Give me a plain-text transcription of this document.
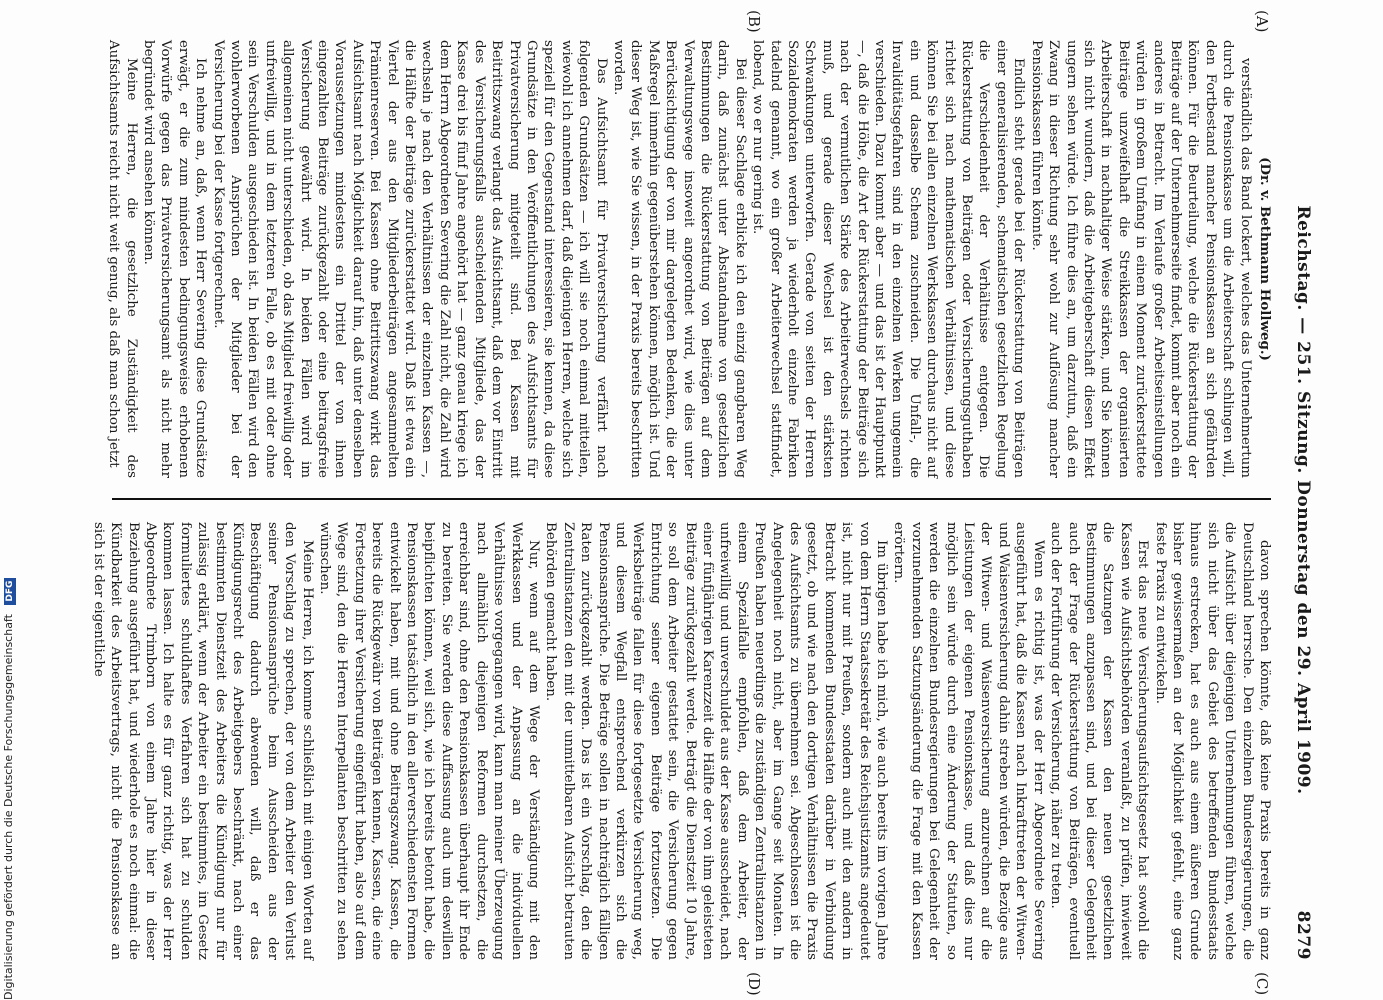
Reichstag. — 251. Sitzung. Donnerstag den 29. April 1909.
8279
(A)
(B)
(C)
(D)

(Dr. v. Bethmann Hollweg.)

verständlich das Band lockert, welches das Unternehmertum durch die Pensionskasse um die Arbeiterschaft schlingen will, den Fortbestand mancher Pensionskassen an sich gefährden können. Für die Beurteilung, welche die Rückerstattung der Beiträge auf der Unternehmerseite findet, kommt aber noch ein anderes in Betracht. Im Verlaufe großer Arbeitseinstellungen würden in großem Umfang in einem Moment zurückerstattete Beiträge unzweifelhaft die Streikkassen der organisierten Arbeiterschaft in nachhaltiger Weise stärken, und Sie können sich nicht wundern, daß die Arbeitgeberschaft diesen Effekt ungern sehen würde. Ich führe dies an, um darzutun, daß ein Zwang in dieser Richtung sehr wohl zur Auflösung mancher Pensionskassen führen könnte.

Endlich steht gerade bei der Rückerstattung von Beiträgen einer generalisierenden, schematischen gesetzlichen Regelung die Verschiedenheit der Verhältnisse entgegen. Die Rückerstattung von Beiträgen oder Versicherungsguthaben richtet sich nach mathematischen Verhältnissen, und diese können Sie bei allen einzelnen Werkskassen durchaus nicht auf ein und dasselbe Schema zuschneiden. Die Unfall-, die Invaliditätsgefahren sind in den einzelnen Werken ungemein verschieden. Dazu kommt aber — und das ist der Hauptpunkt —, daß die Höhe, die Art der Rückerstattung der Beiträge sich nach der vermutlichen Stärke des Arbeiterwechsels richten muß, und gerade dieser Wechsel ist den stärksten Schwankungen unterworfen. Gerade von seiten der Herren Sozialdemokraten werden ja wiederholt einzelne Fabriken tadelnd genannt, wo ein großer Arbeiterwechsel stattfindet, lobend, wo er nur gering ist.

Bei dieser Sachlage erblicke ich den einzig gangbaren Weg darin, daß zunächst unter Abstandnahme von gesetzlichen Bestimmungen die Rückerstattung von Beiträgen auf dem Verwaltungswege insoweit angeordnet wird, wie dies unter Berücksichtigung der von mir dargelegten Bedenken, die der Maßregel immerhin gegenüberstehen können, möglich ist. Und dieser Weg ist, wie Sie wissen, in der Praxis bereits beschritten worden.

Das Aufsichtsamt für Privatversicherung verfährt nach folgenden Grundsätzen — ich will sie noch einmal mitteilen, wiewohl ich annehmen darf, daß diejenigen Herren, welche sich speziell für den Gegenstand interessieren, sie kennen, da diese Grundsätze in den Veröffentlichungen des Aufsichtsamts für Privatversicherung mitgeteilt sind. Bei Kassen mit Beitrittszwang verlangt das Aufsichtsamt, daß dem vor Eintritt des Versicherungsfalls ausscheidenden Mitgliede, das der Kasse drei bis fünf Jahre angehört hat — ganz genau kriege ich dem Herrn Abgeordneten Severing die Zahl nicht, die Zahl wird wechseln je nach den Verhältnissen der einzelnen Kassen —, die Hälfte der Beiträge zurückerstattet wird. Daß ist etwa ein Viertel der aus den Mitgliederbeiträgen angesammelten Prämienreserven. Bei Kassen ohne Beitrittszwang wirkt das Aufsichtsamt nach Möglichkeit darauf hin, daß unter denselben Voraussetzungen mindestens ein Drittel der von ihnen eingezahlten Beiträge zurückgezahlt oder eine beitragsfreie Versicherung gewährt wird. In beiden Fällen wird im allgemeinen nicht unterschieden, ob das Mitglied freiwillig oder unfreiwillig, und in dem letzteren Falle, ob es mit oder ohne sein Verschulden ausgeschieden ist. In beiden Fällen wird den wohlerworbenen Ansprüchen der Mitglieder bei der Versicherung bei der Kasse fortgerechnet.

Ich nehme an, daß, wenn Herr Severing diese Grundsätze erwägt, er die zum mindesten bedingungsweise erhobenen Vorwürfe gegen das Privatversicherungsamt als nicht mehr begründet wird ansehen können.

Meine Herren, die gesetzliche Zuständigkeit des Aufsichtsamts reicht nicht weit genug, als daß man schon jetzt

davon sprechen könnte, daß keine Praxis bereits in ganz Deutschland herrsche. Den einzelnen Bundesregierungen, die die Aufsicht über diejenigen Unternehmungen führen, welche sich nicht über das Gebiet des betreffenden Bundesstaats hinaus erstrecken, hat es auch aus einem äußeren Grunde bisher gewissermaßen an der Möglichkeit gefehlt, eine ganz feste Praxis zu entwickeln.

Erst das neue Versicherungsaufsichtsgesetz hat sowohl die Kassen wie Aufsichtsbehörden veranlaßt, zu prüfen, inwieweit die Satzungen der Kassen den neuen gesetzlichen Bestimmungen anzupassen sind, und bei dieser Gelegenheit auch der Frage der Rückerstattung von Beiträgen, eventuell auch der Fortführung der Versicherung, näher zu treten.

Wenn es richtig ist, was der Herr Abgeordnete Severing ausgeführt hat, daß die Kassen nach Inkrafttreten der Witwen- und Waisenversicherung dahin streben würden, die Bezüge aus der Witwen- und Waisenversicherung anzurechnen auf die Leistungen der eigenen Pensionskasse, und daß dies nur möglich sein würde durch eine Änderung der Statuten, so werden die einzelnen Bundesregierungen bei Gelegenheit der vorzunehmenden Satzungsänderung die Frage mit den Kassen erörtern.

Im übrigen habe ich mich, wie auch bereits im vorigen Jahre von dem Herrn Staatssekretär des Reichsjustizamts angedeutet ist, nicht nur mit Preußen, sondern auch mit den andern in Betracht kommenden Bundesstaaten darüber in Verbindung gesetzt, ob und wie nach den dortigen Verhältnissen die Praxis des Aufsichtsamts zu übernehmen sei. Abgeschlossen ist die Angelegenheit noch nicht, aber im Gange seit Monaten. In Preußen haben neuerdings die zuständigen Zentralinstanzen in einem Spezialfalle empfohlen, daß dem Arbeiter, der unfreiwillig und unverschuldet aus der Kasse ausscheidet, nach einer fünfjährigen Karenzzeit die Hälfte der von ihm geleisteten Beiträge zurückgezahlt werde. Beträgt die Dienstzeit 10 Jahre, so soll dem Arbeiter gestattet sein, die Versicherung gegen Entrichtung seiner eigenen Beiträge fortzusetzen. Die Werksbeiträge fallen für diese fortgesetzte Versicherung weg, und diesem Wegfall entsprechend verkürzen sich die Pensionsansprüche. Die Beträge sollen in nachträglich fälligen Raten zurückgezahlt werden. Das ist ein Vorschlag, den die Zentralinstanzen den mit der unmittelbaren Aufsicht betrauten Behörden gemacht haben.

Nur, wenn auf dem Wege der Verständigung mit den Werkkassen und der Anpassung an die individuellen Verhältnisse vorgegangen wird, kann man meiner Überzeugung nach allmählich diejenigen Reformen durchsetzen, die erreichbar sind, ohne den Pensionskassen überhaupt ihr Ende zu bereiten. Sie werden diese Auffassung auch um deswillen beipflichten können, weil sich, wie ich bereits betont habe, die Pensionskassen tatsächlich in den allerverschiedensten Formen entwickelt haben, mit und ohne Beitragszwang. Kassen, die bereits die Rückgewähr von Beiträgen kennen, Kassen, die eine Fortsetzung ihrer Versicherung eingeführt haben, also auf dem Wege sind, den die Herren Interpellanten beschritten zu sehen wünschen.

Meine Herren, ich komme schließlich mit einigen Worten auf den Vorschlag zu sprechen, der von dem Arbeiter den Verlust seiner Pensionsansprüche beim Ausscheiden aus der Beschäftigung dadurch abwenden will, daß er das Kündigungsrecht des Arbeitgebers beschränkt, nach einer bestimmten Dienstzeit des Arbeiters die Kündigung nur für zulässig erklärt, wenn der Arbeiter ein bestimmtes, im Gesetz formuliertes schuldhaftes Verfahren sich hat zu schulden kommen lassen. Ich halte es für ganz richtig, was der Herr Abgeordnete Trimborn von einem Jahre hier in dieser Beziehung ausgeführt hat, und wiederhole es noch einmal: die Kündbarkeit des Arbeitsvertrags, nicht die Pensionskasse an sich ist der eigentliche

Digitalisierung gefördert durch die Deutsche Forschungsgemeinschaft DFG
